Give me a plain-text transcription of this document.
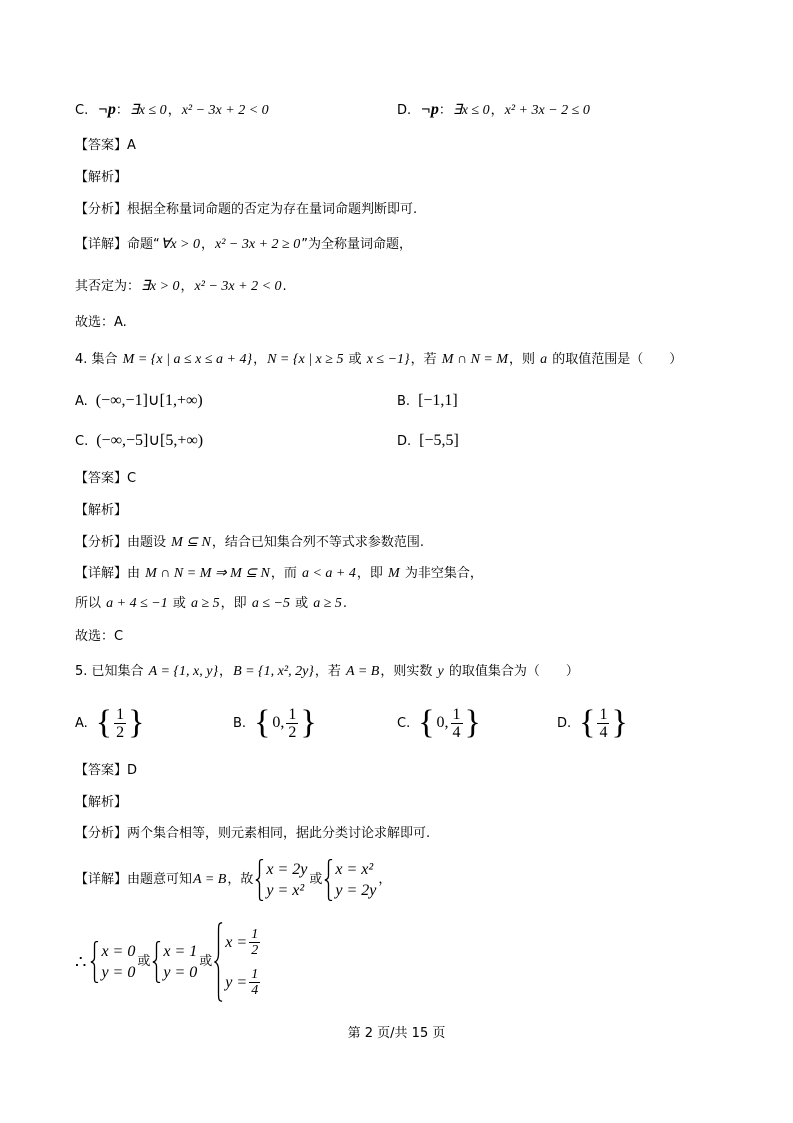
C. ¬p：∃x ≤ 0，x² − 3x + 2 < 0	D. ¬p：∃x ≤ 0，x² + 3x − 2 ≤ 0
【答案】A
【解析】
【分析】根据全称量词命题的否定为存在量词命题判断即可.
【详解】命题“∀x > 0，x² − 3x + 2 ≥ 0”为全称量词命题，
其否定为：∃x > 0，x² − 3x + 2 < 0.
故选：A.
4. 集合 M = {x | a ≤ x ≤ a + 4}，N = {x | x ≥ 5 或 x ≤ −1}，若 M ∩ N = M，则 a 的取值范围是（　　）
A. (−∞,−1]∪[1,+∞)	B. [−1,1]
C. (−∞,−5]∪[5,+∞)	D. [−5,5]
【答案】C
【解析】
【分析】由题设 M ⊆ N，结合已知集合列不等式求参数范围.
【详解】由 M ∩ N = M ⇒ M ⊆ N，而 a < a + 4，即 M 为非空集合，
所以 a + 4 ≤ −1 或 a ≥ 5，即 a ≤ −5 或 a ≥ 5.
故选：C
5. 已知集合 A = {1, x, y}，B = {1, x², 2y}，若 A = B，则实数 y 的取值集合为（　　）
A. { $\frac{1}{2}$ }	B. { 0, $\frac{1}{2}$ }	C. { 0, $\frac{1}{4}$ }	D. { $\frac{1}{4}$ }
【答案】D
【解析】
【分析】两个集合相等，则元素相同，据此分类讨论求解即可.
【详解】由题意可知 A = B ，故
x = 2y
y = x²
或
x = x²
y = 2y
，
∴
x = 0
y = 0
或
x = 1
y = 0
或
$x = \frac{1}{2}$
$y = \frac{1}{4}$
第 2 页/共 15 页
